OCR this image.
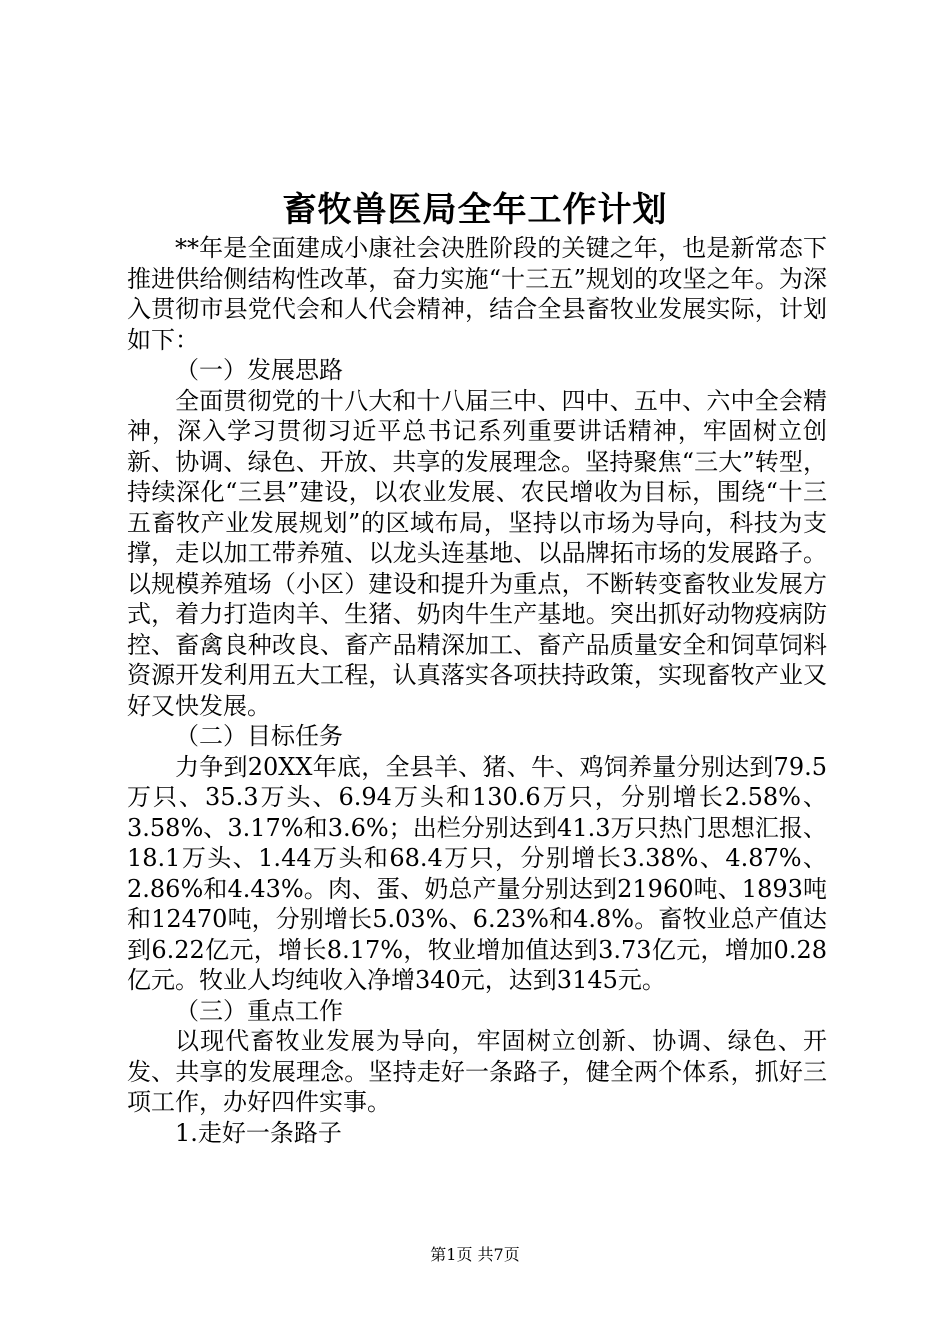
畜牧兽医局全年工作计划

**年是全面建成小康社会决胜阶段的关键之年，也是新常态下推进供给侧结构性改革，奋力实施“十三五”规划的攻坚之年。为深入贯彻市县党代会和人代会精神，结合全县畜牧业发展实际，计划如下：

（一）发展思路

全面贯彻党的十八大和十八届三中、四中、五中、六中全会精神，深入学习贯彻习近平总书记系列重要讲话精神，牢固树立创新、协调、绿色、开放、共享的发展理念。坚持聚焦“三大”转型，持续深化“三县”建设，以农业发展、农民增收为目标，围绕“十三五畜牧产业发展规划”的区域布局，坚持以市场为导向，科技为支撑，走以加工带养殖、以龙头连基地、以品牌拓市场的发展路子。以规模养殖场（小区）建设和提升为重点，不断转变畜牧业发展方式，着力打造肉羊、生猪、奶肉牛生产基地。突出抓好动物疫病防控、畜禽良种改良、畜产品精深加工、畜产品质量安全和饲草饲料资源开发利用五大工程，认真落实各项扶持政策，实现畜牧产业又好又快发展。

（二）目标任务

力争到20XX年底，全县羊、猪、牛、鸡饲养量分别达到79.5万只、35.3万头、6.94万头和130.6万只，分别增长2.58%、3.58%、3.17%和3.6%；出栏分别达到41.3万只热门思想汇报、18.1万头、1.44万头和68.4万只，分别增长3.38%、4.87%、2.86%和4.43%。肉、蛋、奶总产量分别达到21960吨、1893吨和12470吨，分别增长5.03%、6.23%和4.8%。畜牧业总产值达到6.22亿元，增长8.17%，牧业增加值达到3.73亿元，增加0.28亿元。牧业人均纯收入净增340元，达到3145元。

（三）重点工作

以现代畜牧业发展为导向，牢固树立创新、协调、绿色、开发、共享的发展理念。坚持走好一条路子，健全两个体系，抓好三项工作，办好四件实事。

1.走好一条路子

第1页 共7页
